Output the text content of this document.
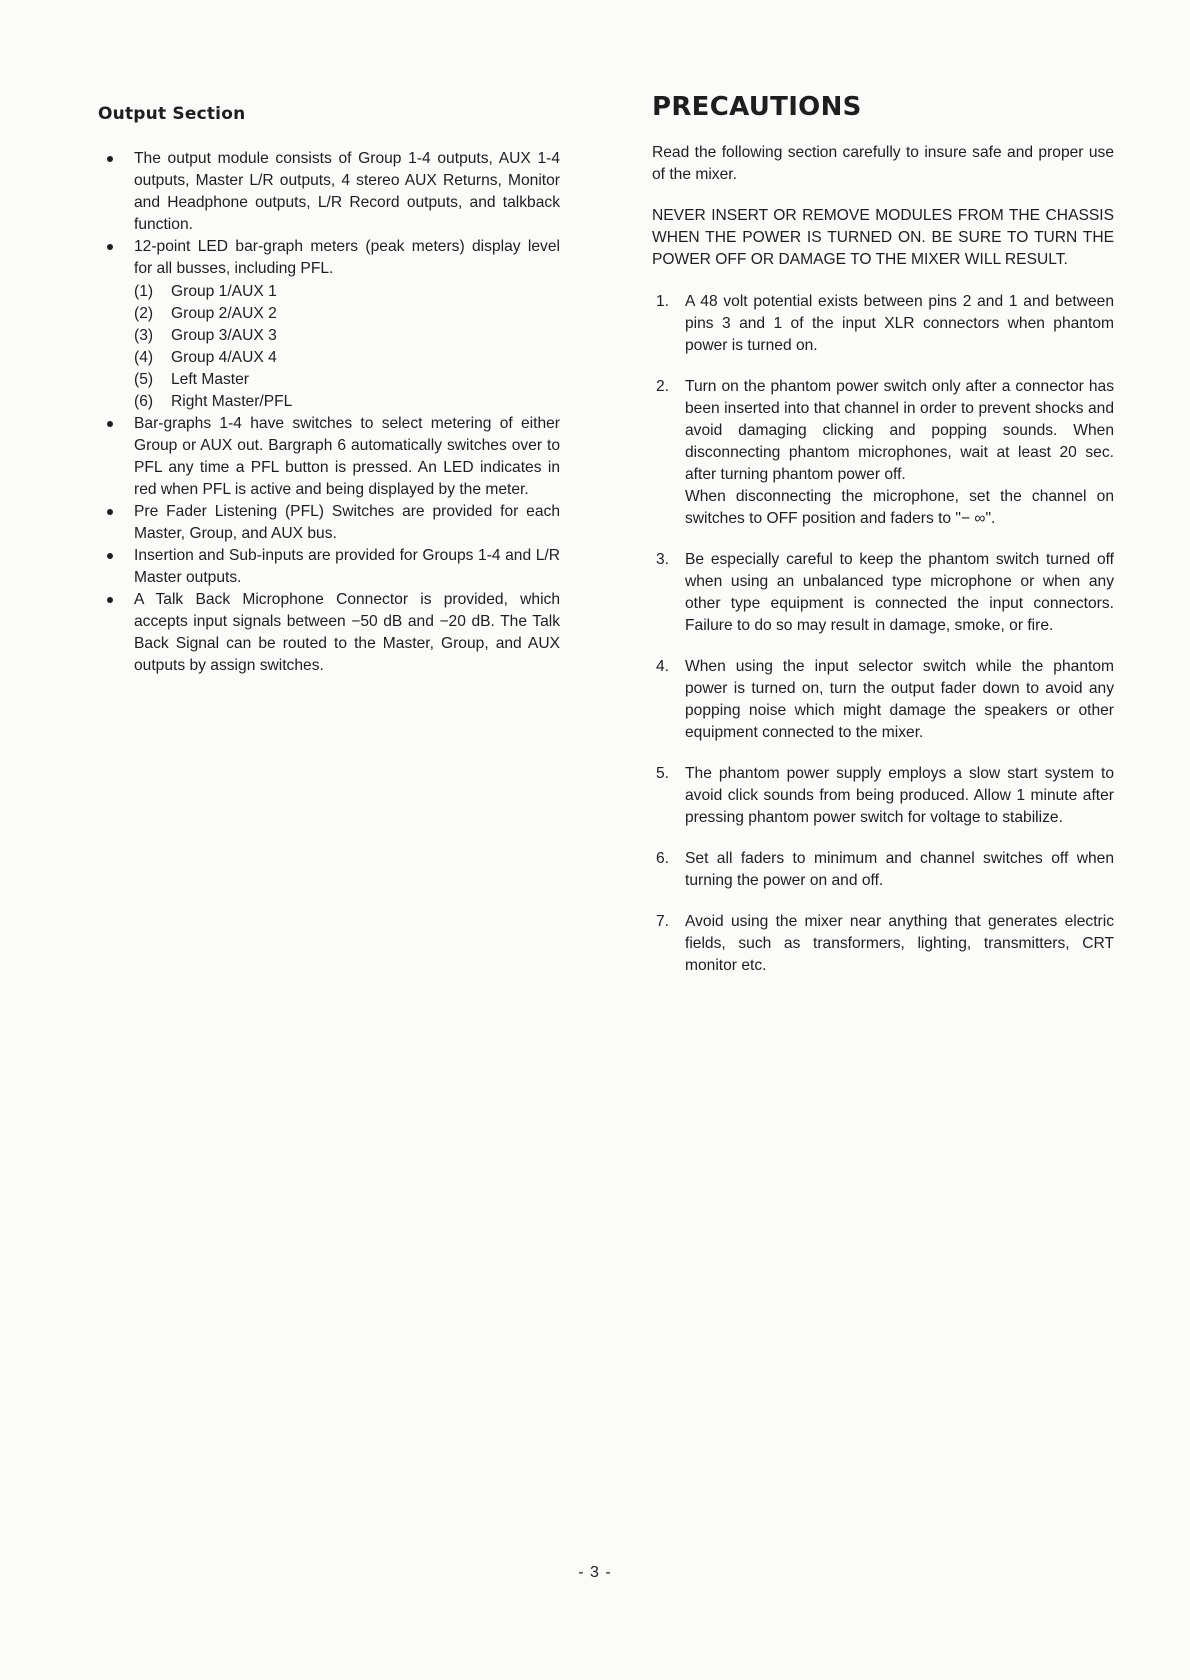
Output Section
The output module consists of Group 1-4 outputs, AUX 1-4 outputs, Master L/R outputs, 4 stereo AUX Returns, Monitor and Headphone outputs, L/R Record outputs, and talkback function.
12-point LED bar-graph meters (peak meters) display level for all busses, including PFL.
(1)	Group 1/AUX 1
(2)	Group 2/AUX 2
(3)	Group 3/AUX 3
(4)	Group 4/AUX 4
(5)	Left Master
(6)	Right Master/PFL
Bar-graphs 1-4 have switches to select metering of either Group or AUX out. Bargraph 6 automatically switches over to PFL any time a PFL button is pressed. An LED indicates in red when PFL is active and being displayed by the meter.
Pre Fader Listening (PFL) Switches are provided for each Master, Group, and AUX bus.
Insertion and Sub-inputs are provided for Groups 1-4 and L/R Master outputs.
A Talk Back Microphone Connector is provided, which accepts input signals between −50 dB and −20 dB. The Talk Back Signal can be routed to the Master, Group, and AUX outputs by assign switches.
PRECAUTIONS

Read the following section carefully to insure safe and proper use of the mixer.

NEVER INSERT OR REMOVE MODULES FROM THE CHASSIS WHEN THE POWER IS TURNED ON. BE SURE TO TURN THE POWER OFF OR DAMAGE TO THE MIXER WILL RESULT.

1. A 48 volt potential exists between pins 2 and 1 and between pins 3 and 1 of the input XLR connectors when phantom power is turned on.
2. Turn on the phantom power switch only after a connector has been inserted into that channel in order to prevent shocks and avoid damaging clicking and popping sounds. When disconnecting phantom microphones, wait at least 20 sec. after turning phantom power off.
When disconnecting the microphone, set the channel on switches to OFF position and faders to "− ∞".
3. Be especially careful to keep the phantom switch turned off when using an unbalanced type microphone or when any other type equipment is connected the input connectors. Failure to do so may result in damage, smoke, or fire.
4. When using the input selector switch while the phantom power is turned on, turn the output fader down to avoid any popping noise which might damage the speakers or other equipment connected to the mixer.
5. The phantom power supply employs a slow start system to avoid click sounds from being produced. Allow 1 minute after pressing phantom power switch for voltage to stabilize.
6. Set all faders to minimum and channel switches off when turning the power on and off.
7. Avoid using the mixer near anything that generates electric fields, such as transformers, lighting, transmitters, CRT monitor etc.
- 3 -
